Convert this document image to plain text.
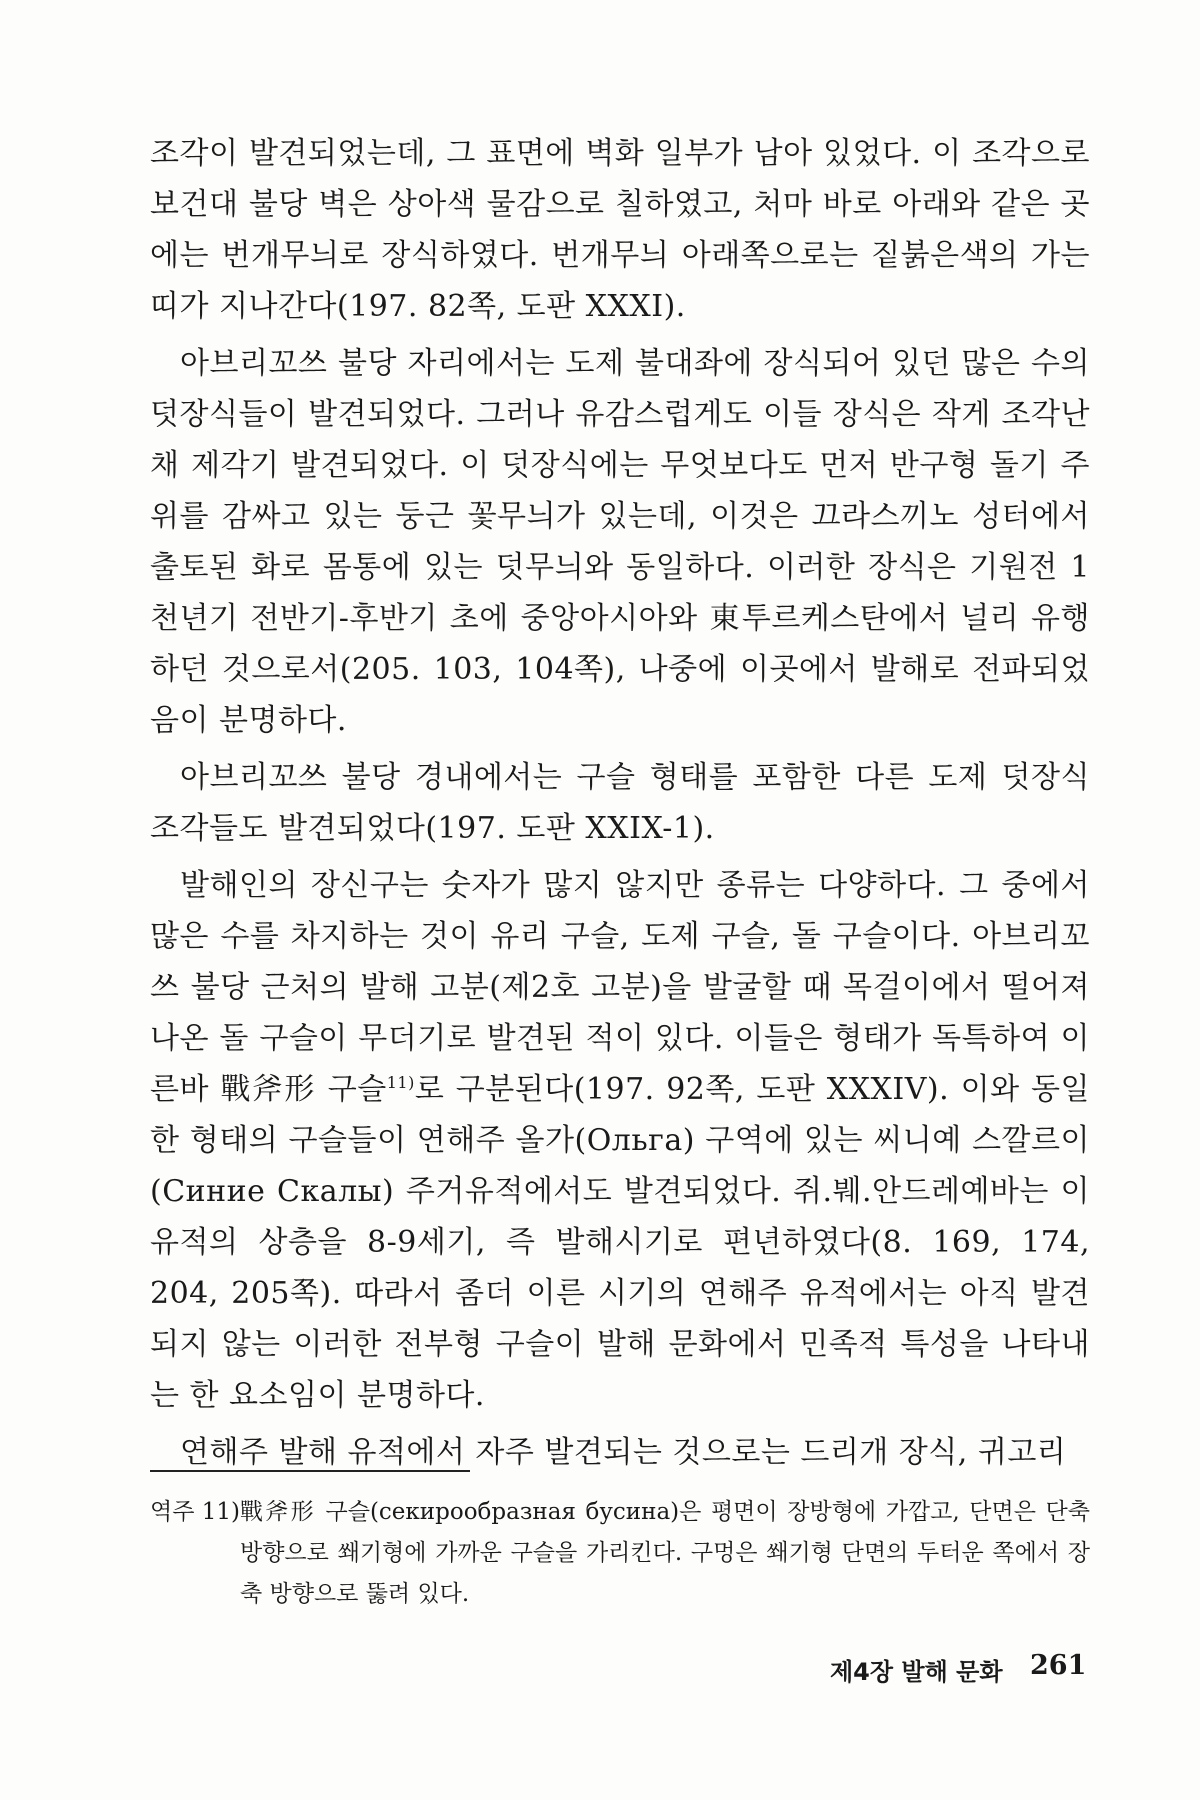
조각이 발견되었는데, 그 표면에 벽화 일부가 남아 있었다. 이 조각으로 보건대 불당 벽은 상아색 물감으로 칠하였고, 처마 바로 아래와 같은 곳에는 번개무늬로 장식하였다. 번개무늬 아래쪽으로는 짙붉은색의 가는 띠가 지나간다(197. 82쪽, 도판 XXXI).

아브리꼬쓰 불당 자리에서는 도제 불대좌에 장식되어 있던 많은 수의 덧장식들이 발견되었다. 그러나 유감스럽게도 이들 장식은 작게 조각난 채 제각기 발견되었다. 이 덧장식에는 무엇보다도 먼저 반구형 돌기 주위를 감싸고 있는 둥근 꽃무늬가 있는데, 이것은 끄라스끼노 성터에서 출토된 화로 몸통에 있는 덧무늬와 동일하다. 이러한 장식은 기원전 1천년기 전반기-후반기 초에 중앙아시아와 東투르케스탄에서 널리 유행하던 것으로서(205. 103, 104쪽), 나중에 이곳에서 발해로 전파되었음이 분명하다.

아브리꼬쓰 불당 경내에서는 구슬 형태를 포함한 다른 도제 덧장식 조각들도 발견되었다(197. 도판 XXIX-1).

발해인의 장신구는 숫자가 많지 않지만 종류는 다양하다. 그 중에서 많은 수를 차지하는 것이 유리 구슬, 도제 구슬, 돌 구슬이다. 아브리꼬쓰 불당 근처의 발해 고분(제2호 고분)을 발굴할 때 목걸이에서 떨어져 나온 돌 구슬이 무더기로 발견된 적이 있다. 이들은 형태가 독특하여 이른바 戰斧形 구슬$^{11)}$로 구분된다(197. 92쪽, 도판 XXXIV). 이와 동일한 형태의 구슬들이 연해주 올가(Ольга) 구역에 있는 씨니예 스깔르이(Синие Скалы) 주거유적에서도 발견되었다. 쥐.붸.안드레예바는 이 유적의 상층을 8-9세기, 즉 발해시기로 편년하였다(8. 169, 174, 204, 205쪽). 따라서 좀더 이른 시기의 연해주 유적에서는 아직 발견되지 않는 이러한 전부형 구슬이 발해 문화에서 민족적 특성을 나타내는 한 요소임이 분명하다.

연해주 발해 유적에서 자주 발견되는 것으로는 드리개 장식, 귀고리

역주 11) 戰斧形 구슬(секирообразная бусина)은 평면이 장방형에 가깝고, 단면은 단축 방향으로 쐐기형에 가까운 구슬을 가리킨다. 구멍은 쐐기형 단면의 두터운 쪽에서 장축 방향으로 뚫려 있다.
제4장 발해 문화 261
